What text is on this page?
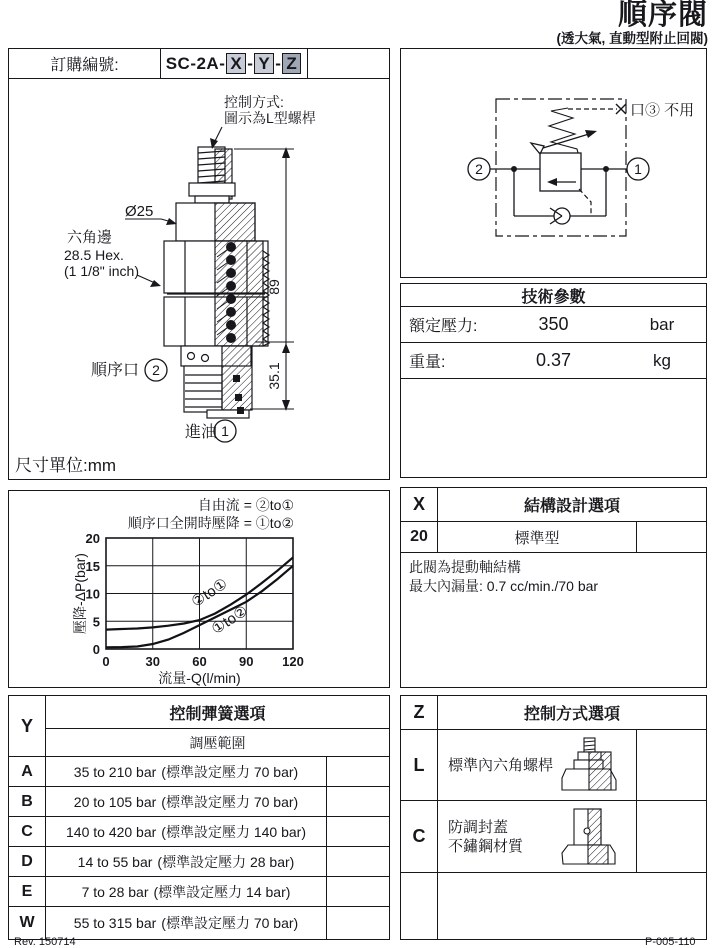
順序閥
(透大氣, 直動型附止回閥)
訂購編號:	SC-2A- X - Y - Z
控制方式:
圖示為L型螺桿
Ø25
六角邊
28.5 Hex.
(1 1/8" inch)
89
35.1
順序口 2
進油 1
尺寸單位:mm
2	1
口③ 不用
技術參數
額定壓力:	350	bar
重量:	0.37	kg
自由流 = ②to①
順序口全開時壓降 = ①to②
0	30 60 90 120
0
5
10
15
20
②to①
①to②
流量-Q(l/min)
壓降-ΔP(bar)
X	結構設計選項
20	標準型
此閥為提動軸結構
最大內漏量: 0.7 cc/min./70 bar
Y
控制彈簧選項
調壓範圍
A	35 to 210 bar (標準設定壓力 70 bar)
B	20 to 105 bar (標準設定壓力 70 bar)
C	140 to 420 bar (標準設定壓力 140 bar)
D	14 to 55 bar (標準設定壓力 28 bar)
E	7 to 28 bar (標準設定壓力 14 bar)
W	55 to 315 bar (標準設定壓力 70 bar)
Z	控制方式選項
L	標準內六角螺桿
C	防調封蓋
不鏽鋼材質
Rev. 150714	P-005-110
